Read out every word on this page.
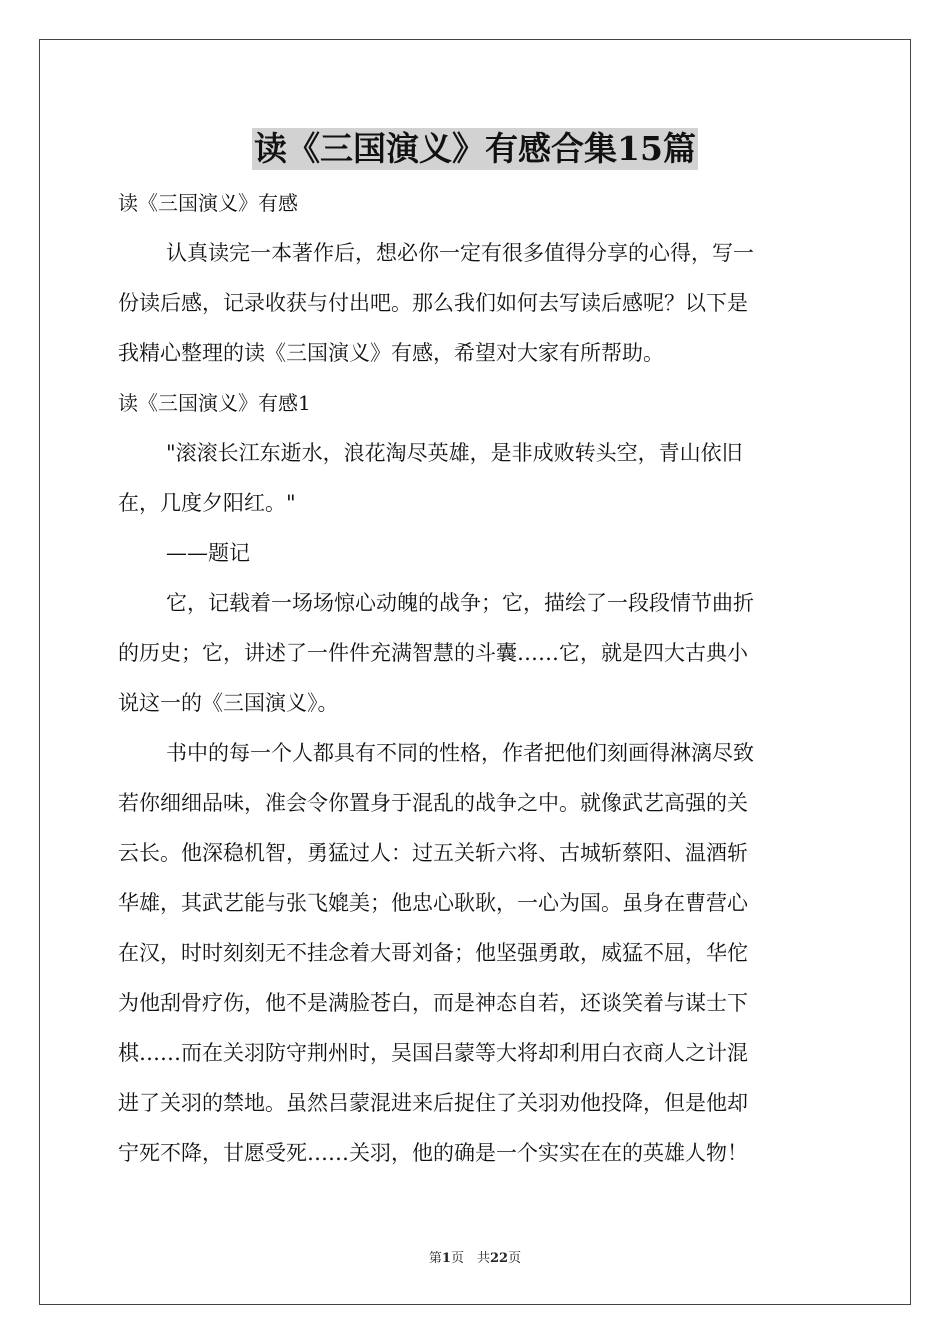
读《三国演义》有感合集15篇
读《三国演义》有感
认真读完一本著作后，想必你一定有很多值得分享的心得，写一
份读后感，记录收获与付出吧。那么我们如何去写读后感呢？以下是
我精心整理的读《三国演义》有感，希望对大家有所帮助。
读《三国演义》有感1
"滚滚长江东逝水，浪花淘尽英雄，是非成败转头空，青山依旧
在，几度夕阳红。"
——题记
它，记载着一场场惊心动魄的战争；它，描绘了一段段情节曲折
的历史；它，讲述了一件件充满智慧的斗囊……它，就是四大古典小
说这一的《三国演义》。
书中的每一个人都具有不同的性格，作者把他们刻画得淋漓尽致
若你细细品味，准会令你置身于混乱的战争之中。就像武艺高强的关
云长。他深稳机智，勇猛过人：过五关斩六将、古城斩蔡阳、温酒斩
华雄，其武艺能与张飞媲美；他忠心耿耿，一心为国。虽身在曹营心
在汉，时时刻刻无不挂念着大哥刘备；他坚强勇敢，威猛不屈，华佗
为他刮骨疗伤，他不是满脸苍白，而是神态自若，还谈笑着与谋士下
棋……而在关羽防守荆州时，吴国吕蒙等大将却利用白衣商人之计混
进了关羽的禁地。虽然吕蒙混进来后捉住了关羽劝他投降，但是他却
宁死不降，甘愿受死……关羽，他的确是一个实实在在的英雄人物！
第1页　共22页
